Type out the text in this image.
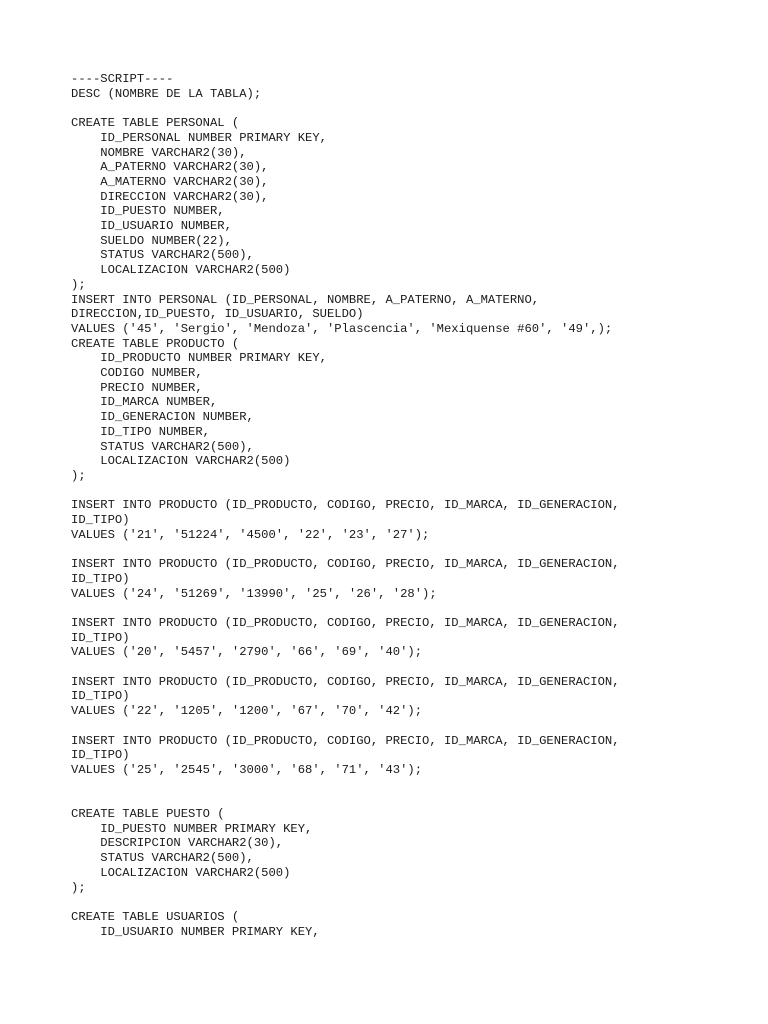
----SCRIPT----
DESC (NOMBRE DE LA TABLA);
CREATE TABLE PERSONAL (
ID_PERSONAL NUMBER PRIMARY KEY,
NOMBRE VARCHAR2(30),
A_PATERNO VARCHAR2(30),
A_MATERNO VARCHAR2(30),
DIRECCION VARCHAR2(30),
ID_PUESTO NUMBER,
ID_USUARIO NUMBER,
SUELDO NUMBER(22),
STATUS VARCHAR2(500),
LOCALIZACION VARCHAR2(500)
);
INSERT INTO PERSONAL (ID_PERSONAL, NOMBRE, A_PATERNO, A_MATERNO,
DIRECCION,ID_PUESTO, ID_USUARIO, SUELDO)
VALUES ('45', 'Sergio', 'Mendoza', 'Plascencia', 'Mexiquense #60', '49',);
CREATE TABLE PRODUCTO (
ID_PRODUCTO NUMBER PRIMARY KEY,
CODIGO NUMBER,
PRECIO NUMBER,
ID_MARCA NUMBER,
ID_GENERACION NUMBER,
ID_TIPO NUMBER,
STATUS VARCHAR2(500),
LOCALIZACION VARCHAR2(500)
);
INSERT INTO PRODUCTO (ID_PRODUCTO, CODIGO, PRECIO, ID_MARCA, ID_GENERACION,
ID_TIPO)
VALUES ('21', '51224', '4500', '22', '23', '27');
INSERT INTO PRODUCTO (ID_PRODUCTO, CODIGO, PRECIO, ID_MARCA, ID_GENERACION,
ID_TIPO)
VALUES ('24', '51269', '13990', '25', '26', '28');
INSERT INTO PRODUCTO (ID_PRODUCTO, CODIGO, PRECIO, ID_MARCA, ID_GENERACION,
ID_TIPO)
VALUES ('20', '5457', '2790', '66', '69', '40');
INSERT INTO PRODUCTO (ID_PRODUCTO, CODIGO, PRECIO, ID_MARCA, ID_GENERACION,
ID_TIPO)
VALUES ('22', '1205', '1200', '67', '70', '42');
INSERT INTO PRODUCTO (ID_PRODUCTO, CODIGO, PRECIO, ID_MARCA, ID_GENERACION,
ID_TIPO)
VALUES ('25', '2545', '3000', '68', '71', '43');
CREATE TABLE PUESTO (
ID_PUESTO NUMBER PRIMARY KEY,
DESCRIPCION VARCHAR2(30),
STATUS VARCHAR2(500),
LOCALIZACION VARCHAR2(500)
);
CREATE TABLE USUARIOS (
ID_USUARIO NUMBER PRIMARY KEY,
